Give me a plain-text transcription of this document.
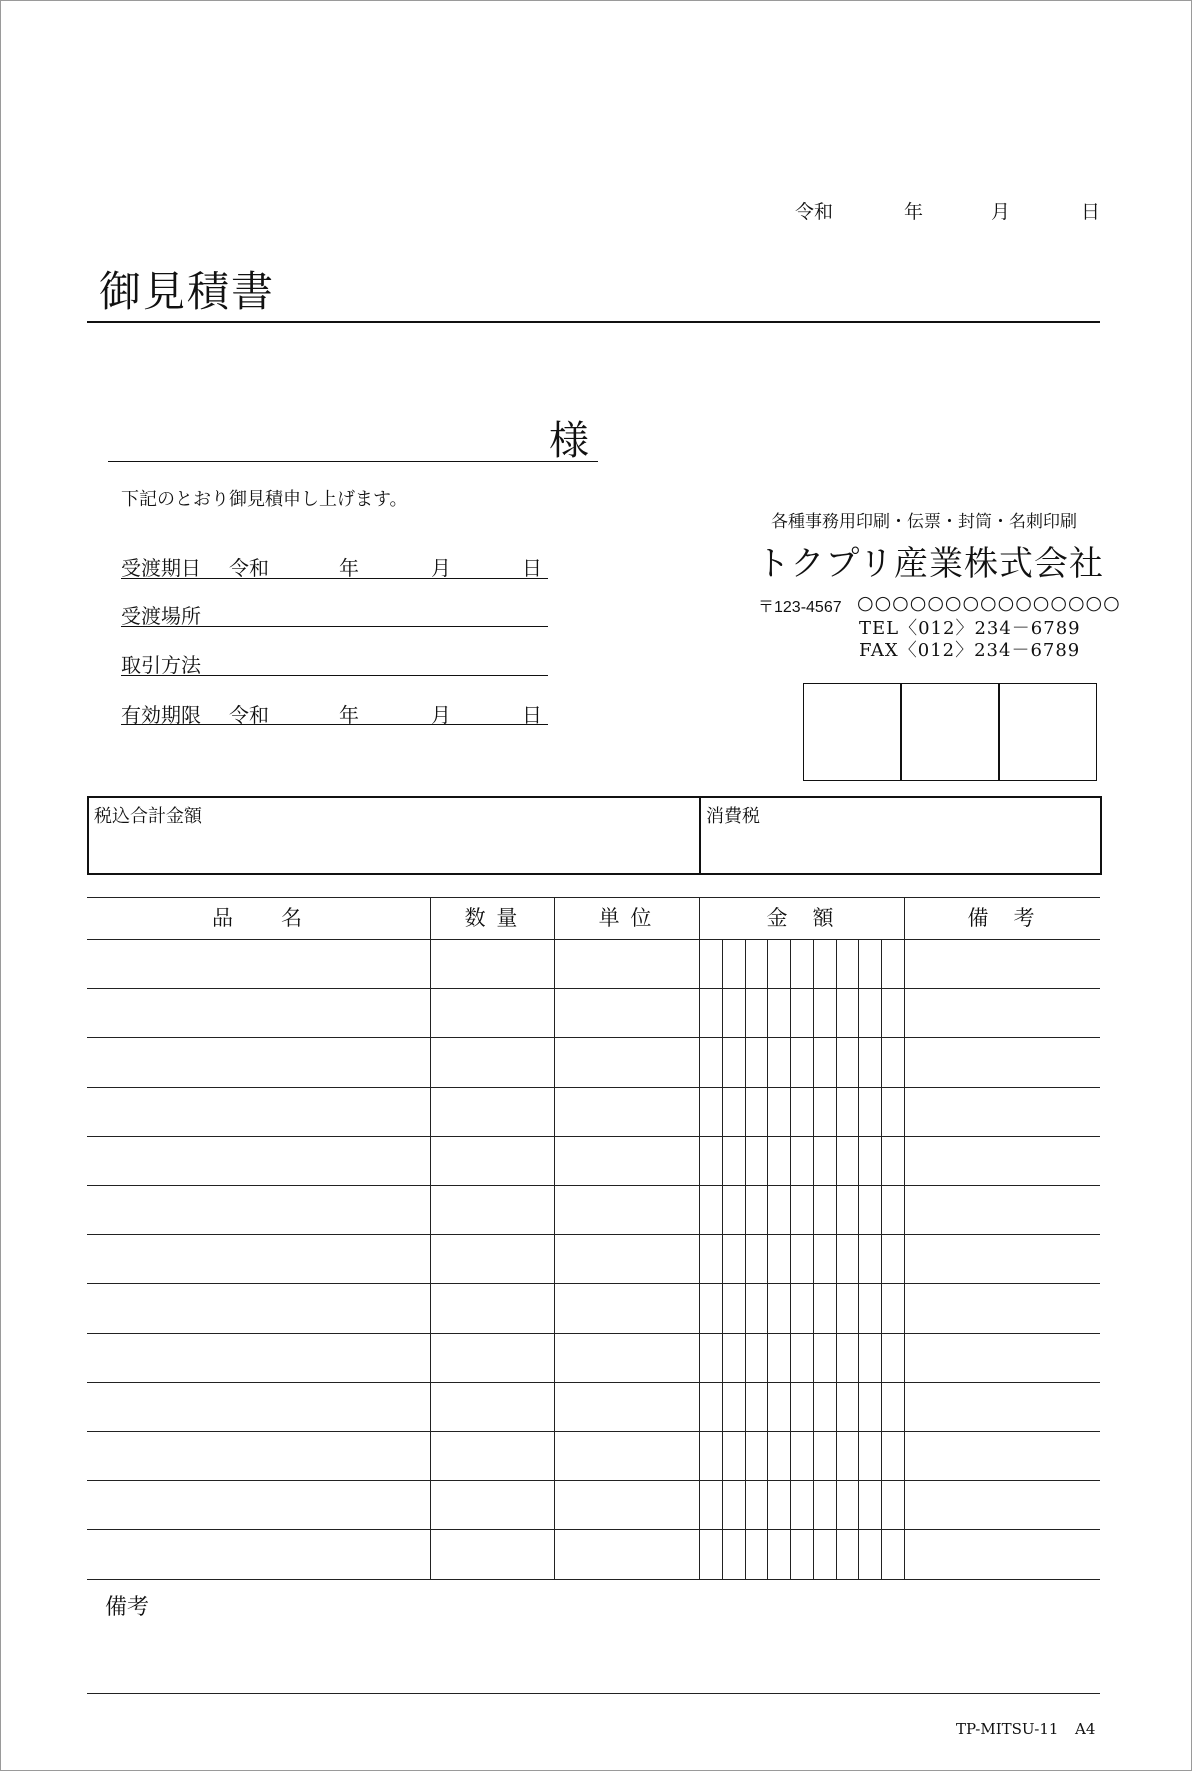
令和	年	月	日
御見積書
様
下記のとおり御見積申し上げます。
受渡期日 令和	年	月	日
受渡場所
取引方法
有効期限 令和	年	月	日
各種事務用印刷・伝票・封筒・名刺印刷
トクプリ産業株式会社
〒123-4567 ○○○○○○○○○○○○○○○
TEL〈012〉234－6789
FAX〈012〉234－6789
税込合計金額	消費税
品　　名	数 量	単 位	金　額	備　考
備考
TP-MITSU-11 A4
